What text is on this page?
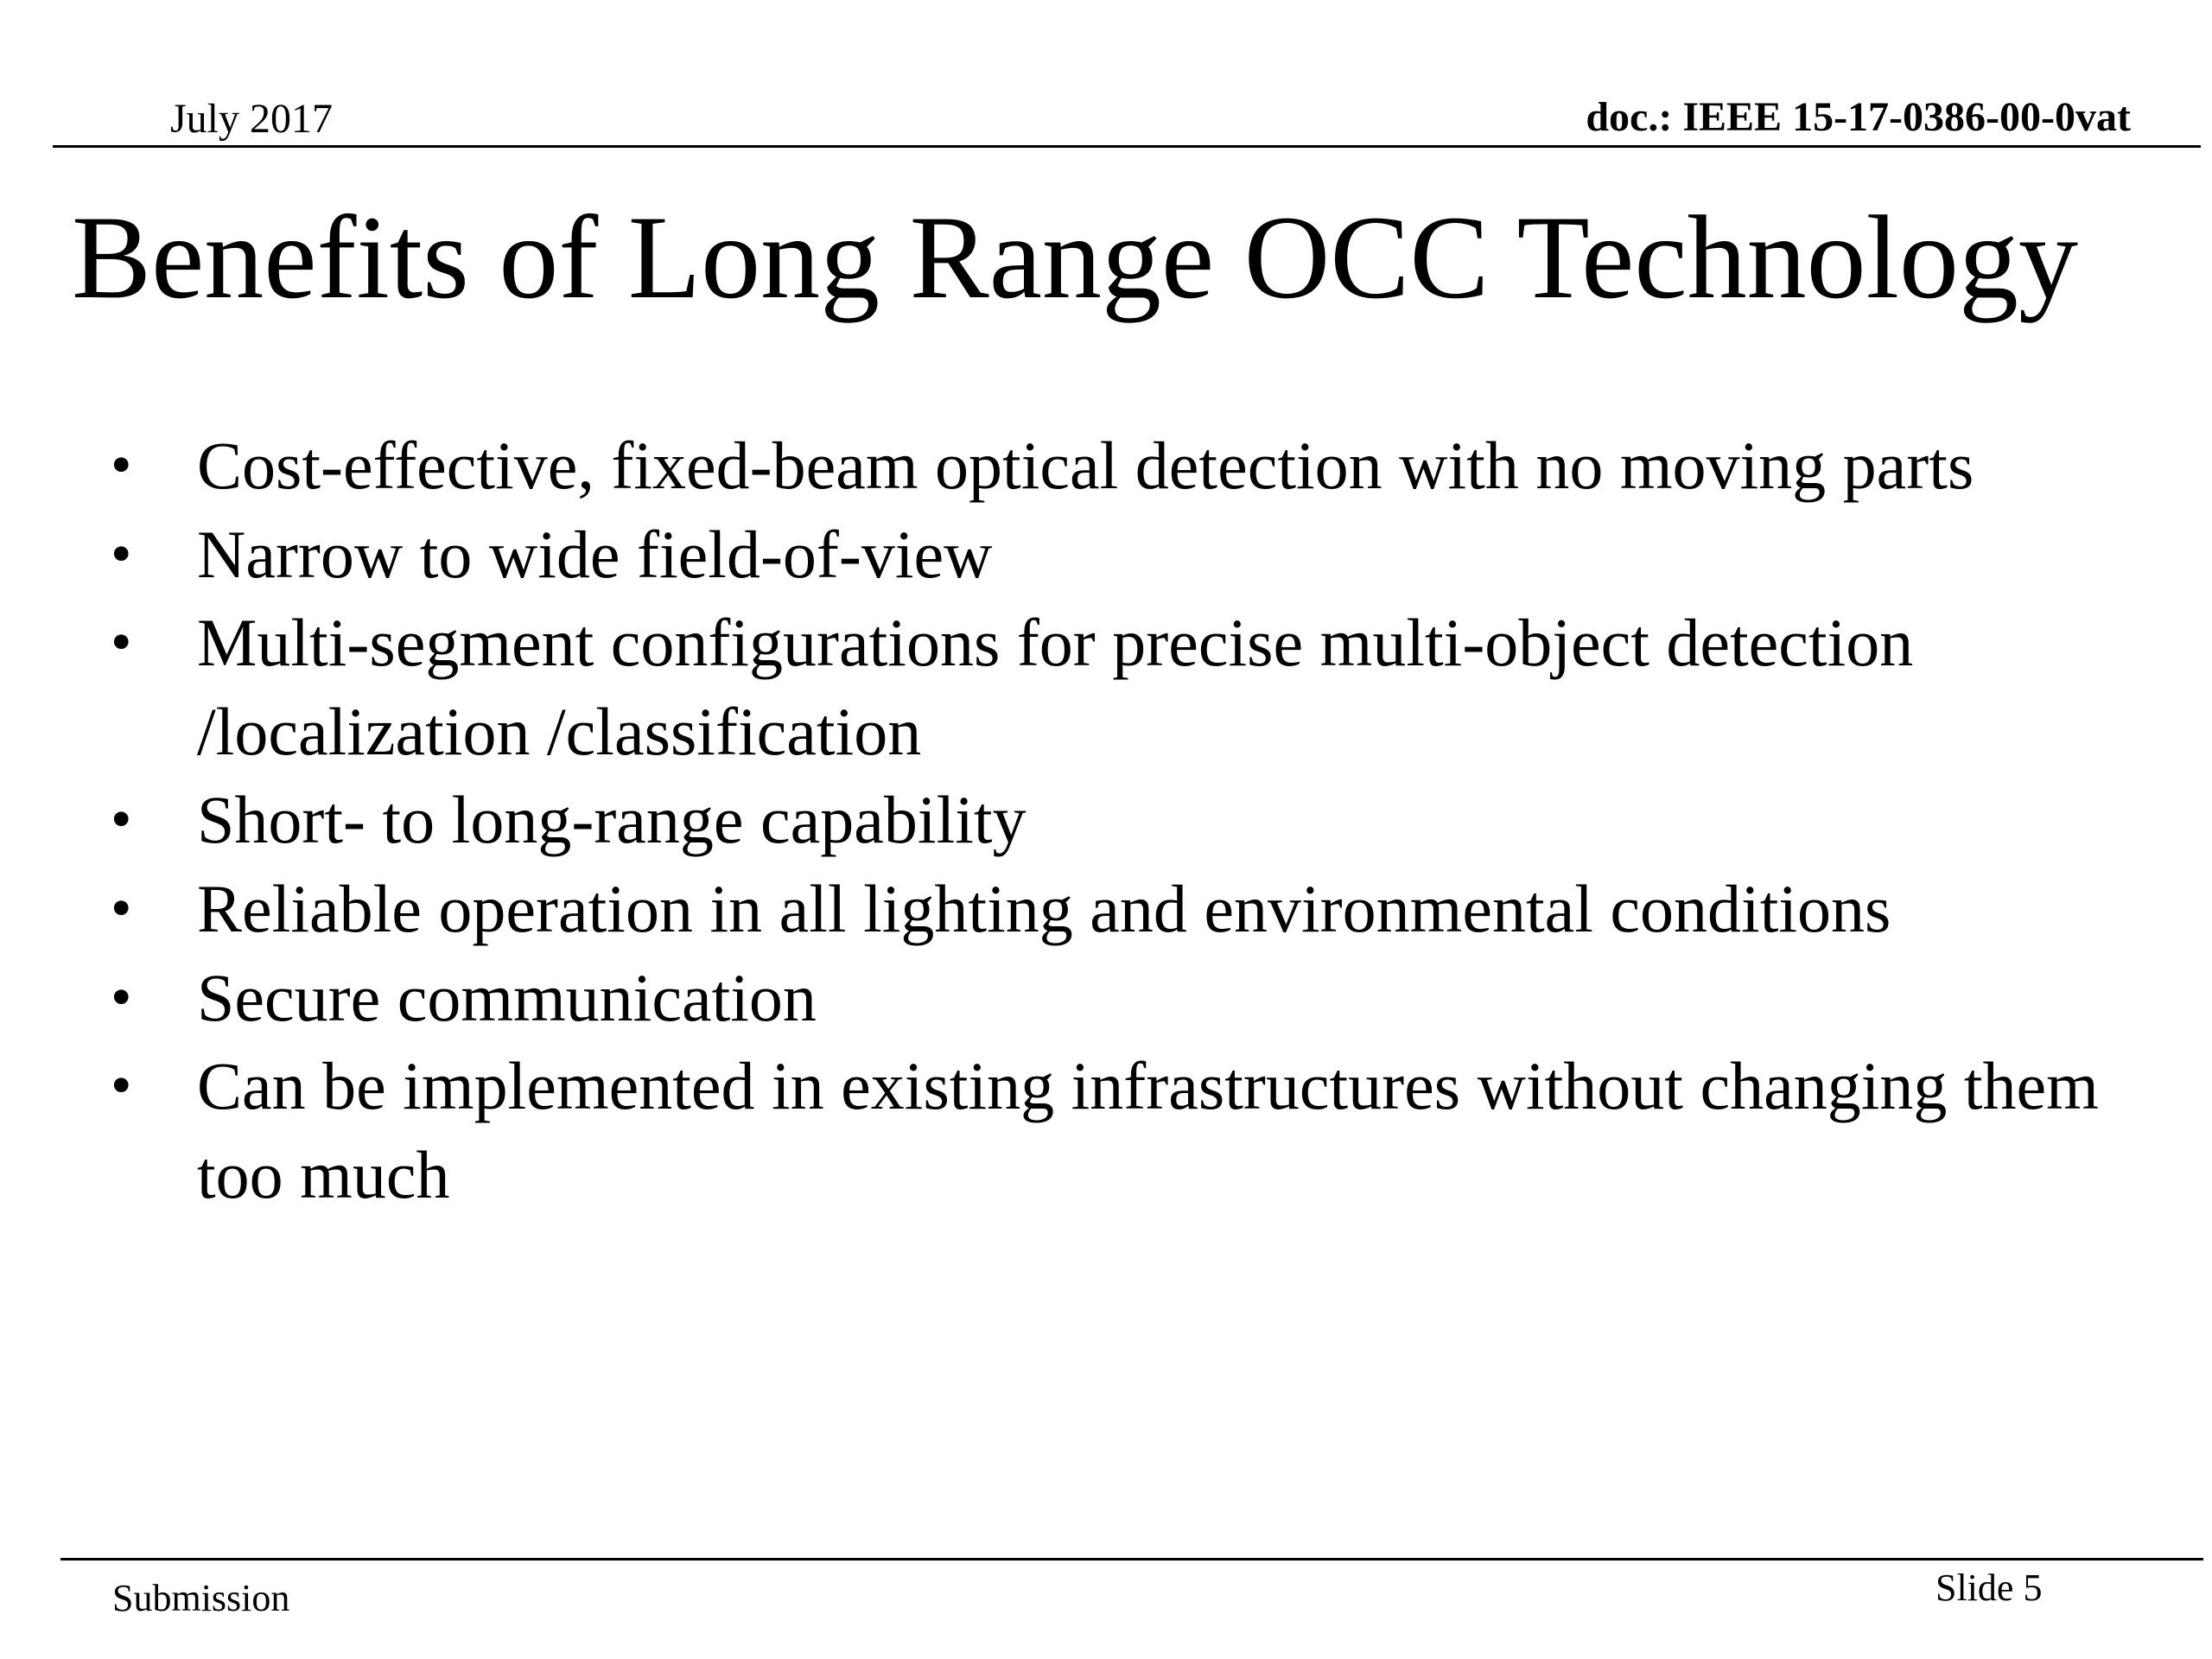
July 2017	doc.: IEEE 15-17-0386-00-0vat
Benefits of Long Range OCC Technology
• Cost-effective, fixed-beam optical detection with no moving parts
• Narrow to wide field-of-view
• Multi-segment configurations for precise multi-object detection /localization /classification
• Short- to long-range capability
• Reliable operation in all lighting and environmental conditions
• Secure communication
• Can be implemented in existing infrastructures without changing them too much
Submission	Slide 5
